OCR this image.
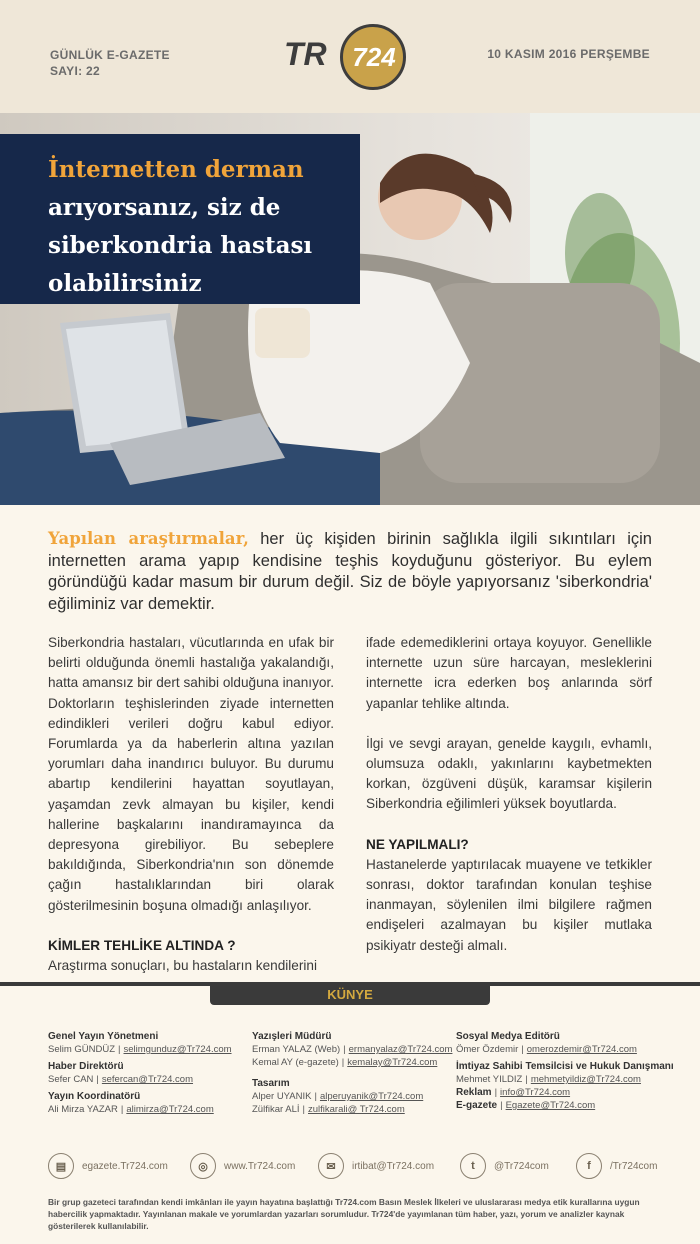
GÜNLÜK E-GAZETE
SAYI: 22	TR 724	10 KASIM 2016 PERŞEMBE
İnternetten derman
arıyorsanız, siz de siberkondria hastası olabilirsiniz

Yapılan araştırmalar, her üç kişiden birinin sağlıkla ilgili sıkıntıları için internetten arama yapıp kendisine teşhis koyduğunu gösteriyor. Bu eylem göründüğü kadar masum bir durum değil. Siz de böyle yapıyorsanız 'siberkondria' eğiliminiz var demektir.

Siberkondria hastaları, vücutlarında en ufak bir belirti olduğunda önemli hastalığa yakalandığı, hatta amansız bir dert sahibi olduğuna inanıyor. Doktorların teşhislerinden ziyade internetten edindikleri verileri doğru kabul ediyor. Forumlarda ya da haberlerin altına yazılan yorumları daha inandırıcı buluyor. Bu durumu abartıp kendilerini hayattan soyutlayan, yaşamdan zevk almayan bu kişiler, kendi hallerine başkalarını inandıramayınca da depresyona girebiliyor. Bu sebeplere bakıldığında, Siberkondria'nın son dönemde çağın hastalıklarından biri olarak gösterilmesinin boşuna olmadığı anlaşılıyor.

KİMLER TEHLİKE ALTINDA ?

Araştırma sonuçları, bu hastaların kendilerini

ifade edemediklerini ortaya koyuyor. Genellikle internette uzun süre harcayan, mesleklerini internette icra ederken boş anlarında sörf yapanlar tehlike altında.

İlgi ve sevgi arayan, genelde kaygılı, evhamlı, olumsuza odaklı, yakınlarını kaybetmekten korkan, özgüveni düşük, karamsar kişilerin Siberkondria eğilimleri yüksek boyutlarda.

NE YAPILMALI?

Hastanelerde yaptırılacak muayene ve tetkikler sonrası, doktor tarafından konulan teşhise inanmayan, söylenilen ilmi bilgilere rağmen endişeleri azalmayan bu kişiler mutlaka psikiyatr desteği almalı.

KÜNYE
Genel Yayın Yönetmeni
Selim GÜNDÜZ | selimgunduz@Tr724.com
Haber Direktörü
Sefer CAN | sefercan@Tr724.com
Yayın Koordinatörü
Ali Mirza YAZAR | alimirza@Tr724.com
Yazışleri Müdürü
Erman YALAZ (Web) | ermanyalaz@Tr724.com
Kemal AY (e-gazete) | kemalay@Tr724.com
Tasarım
Alper UYANIK | alperuyanik@Tr724.com
Zülfikar ALİ | zulfikarali@ Tr724.com
Sosyal Medya Editörü
Ömer Özdemir | omerozdemir@Tr724.com
İmtiyaz Sahibi Temsilcisi ve Hukuk Danışmanı
Mehmet YILDIZ | mehmetyildiz@Tr724.com
Reklam | info@Tr724.com
E-gazete | Egazete@Tr724.com
▤	egazete.Tr724.com	◎	www.Tr724.com	✉	irtibat@Tr724.com	t	@Tr724com	f	/Tr724com

Bir grup gazeteci tarafından kendi imkânları ile yayın hayatına başlattığı Tr724.com Basın Meslek İlkeleri ve uluslararası medya etik kurallarına uygun habercilik yapmaktadır. Yayınlanan makale ve yorumlardan yazarları sorumludur. Tr724'de yayımlanan tüm haber, yazı, yorum ve analizler kaynak gösterilerek kullanılabilir.
